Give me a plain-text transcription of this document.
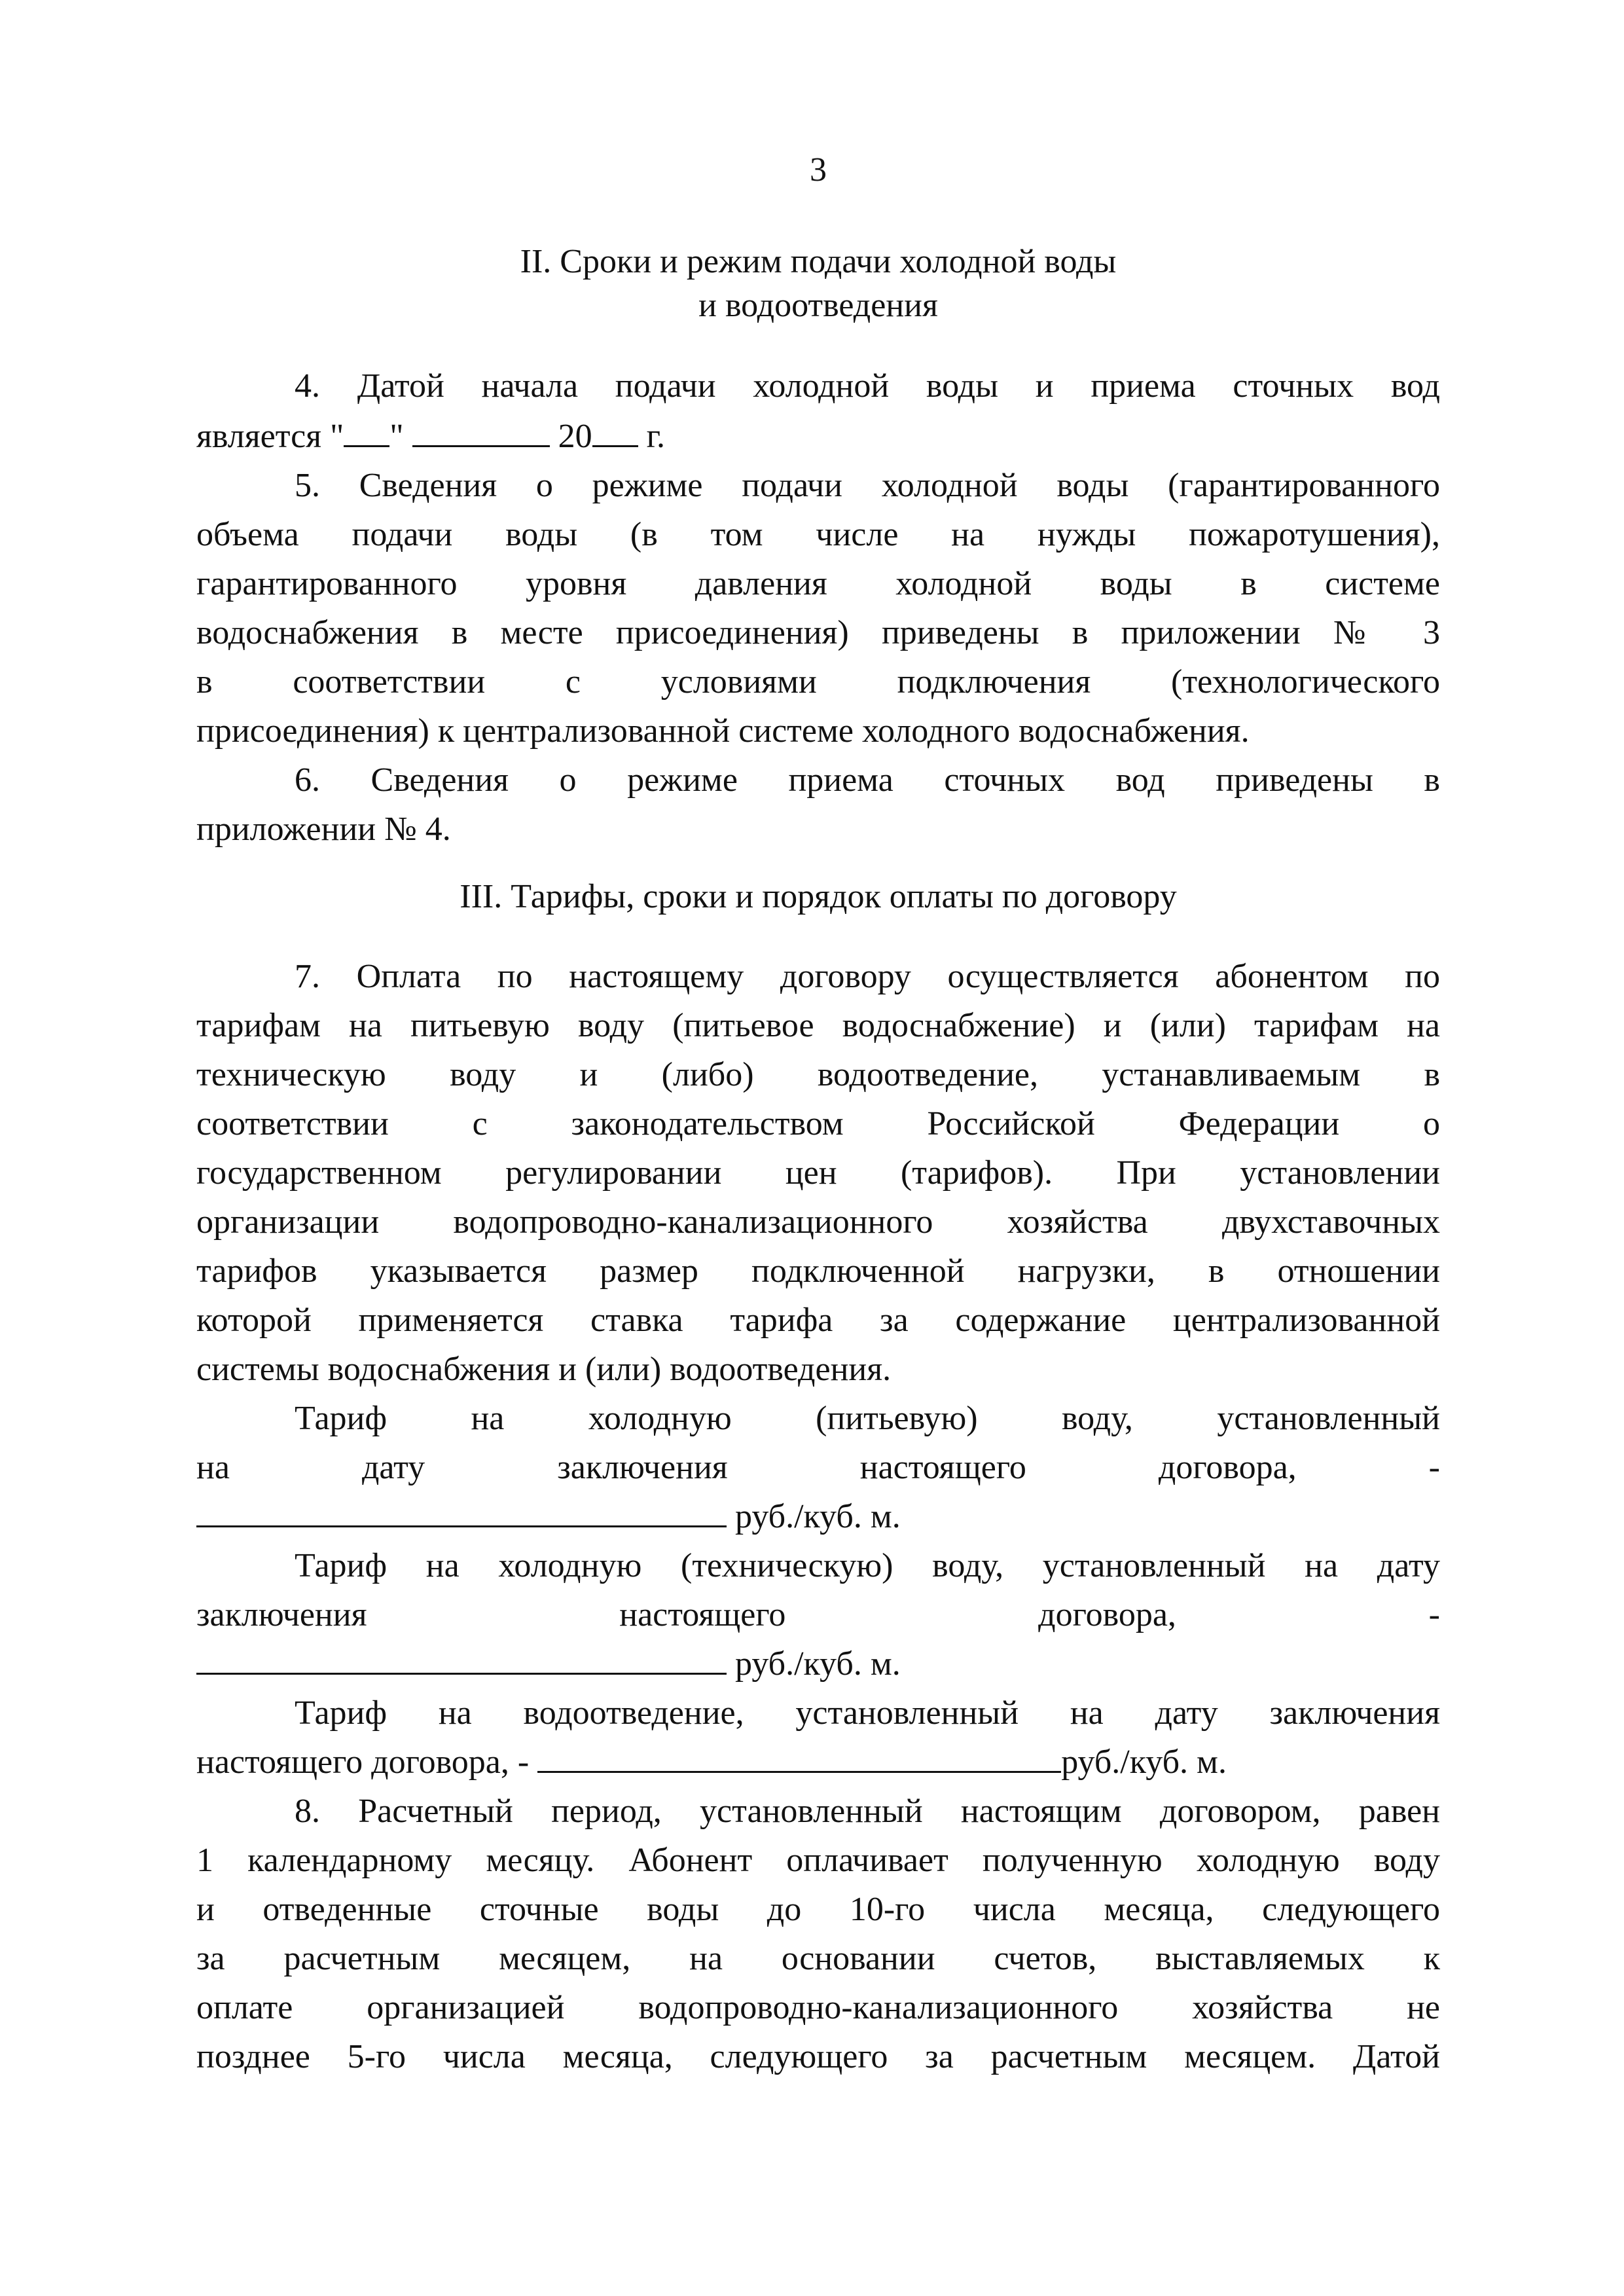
3
II. Сроки и режим подачи холодной воды
и водоотведения
4. Датой начала подачи холодной воды и приема сточных вод
является " "	20 г.
5. Сведения о режиме подачи холодной воды (гарантированного
объема подачи воды (в том числе на нужды пожаротушения),
гарантированного уровня давления холодной воды в системе
водоснабжения в месте присоединения) приведены в приложении № 3
в соответствии с условиями подключения (технологического
присоединения) к централизованной системе холодного водоснабжения.
6. Сведения о режиме приема сточных вод приведены в
приложении № 4.
III. Тарифы, сроки и порядок оплаты по договору
7. Оплата по настоящему договору осуществляется абонентом по
тарифам на питьевую воду (питьевое водоснабжение) и (или) тарифам на
техническую воду и (либо) водоотведение, устанавливаемым в
соответствии с законодательством Российской Федерации о
государственном регулировании цен (тарифов). При установлении
организации водопроводно-канализационного хозяйства двухставочных
тарифов указывается размер подключенной нагрузки, в отношении
которой применяется ставка тарифа за содержание централизованной
системы водоснабжения и (или) водоотведения.
Тариф на холодную (питьевую) воду, установленный
на дату заключения настоящего договора, -
руб./куб. м.
Тариф на холодную (техническую) воду, установленный на дату
заключения настоящего договора, -
руб./куб. м.
Тариф на водоотведение, установленный на дату заключения
настоящего договора, -	руб./куб. м.
8. Расчетный период, установленный настоящим договором, равен
1 календарному месяцу. Абонент оплачивает полученную холодную воду
и отведенные сточные воды до 10-го числа месяца, следующего
за расчетным месяцем, на основании счетов, выставляемых к
оплате организацией водопроводно-канализационного хозяйства не
позднее 5-го числа месяца, следующего за расчетным месяцем. Датой
